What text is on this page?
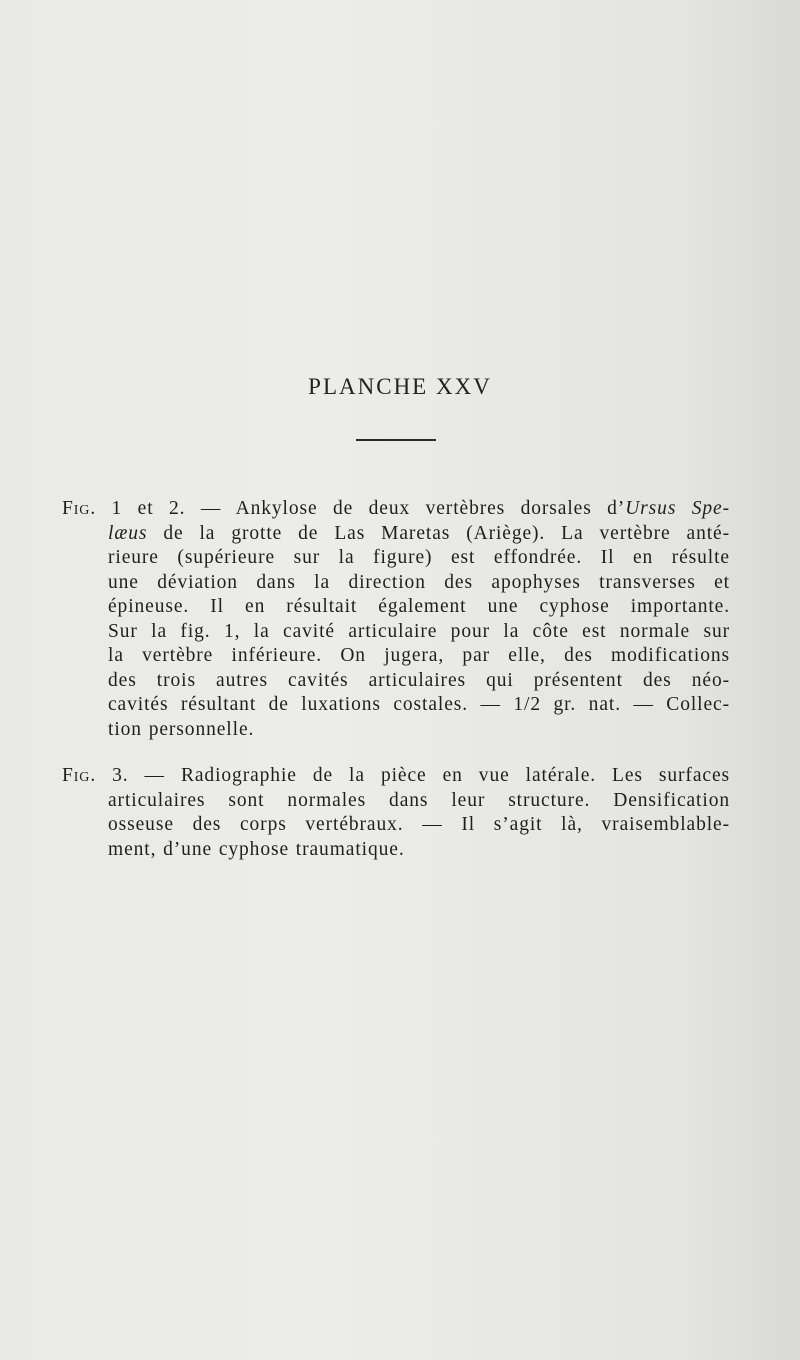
PLANCHE XXV
Fig. 1 et 2. — Ankylose de deux vertèbres dorsales d’Ursus Spe-
læus de la grotte de Las Maretas (Ariège). La vertèbre anté-
rieure (supérieure sur la figure) est effondrée. Il en résulte
une déviation dans la direction des apophyses transverses et
épineuse. Il en résultait également une cyphose importante.
Sur la fig. 1, la cavité articulaire pour la côte est normale sur
la vertèbre inférieure. On jugera, par elle, des modifications
des trois autres cavités articulaires qui présentent des néo-
cavités résultant de luxations costales. — 1/2 gr. nat. — Collec-
tion personnelle.
Fig. 3. — Radiographie de la pièce en vue latérale. Les surfaces
articulaires sont normales dans leur structure. Densification
osseuse des corps vertébraux. — Il s’agit là, vraisemblable-
ment, d’une cyphose traumatique.
